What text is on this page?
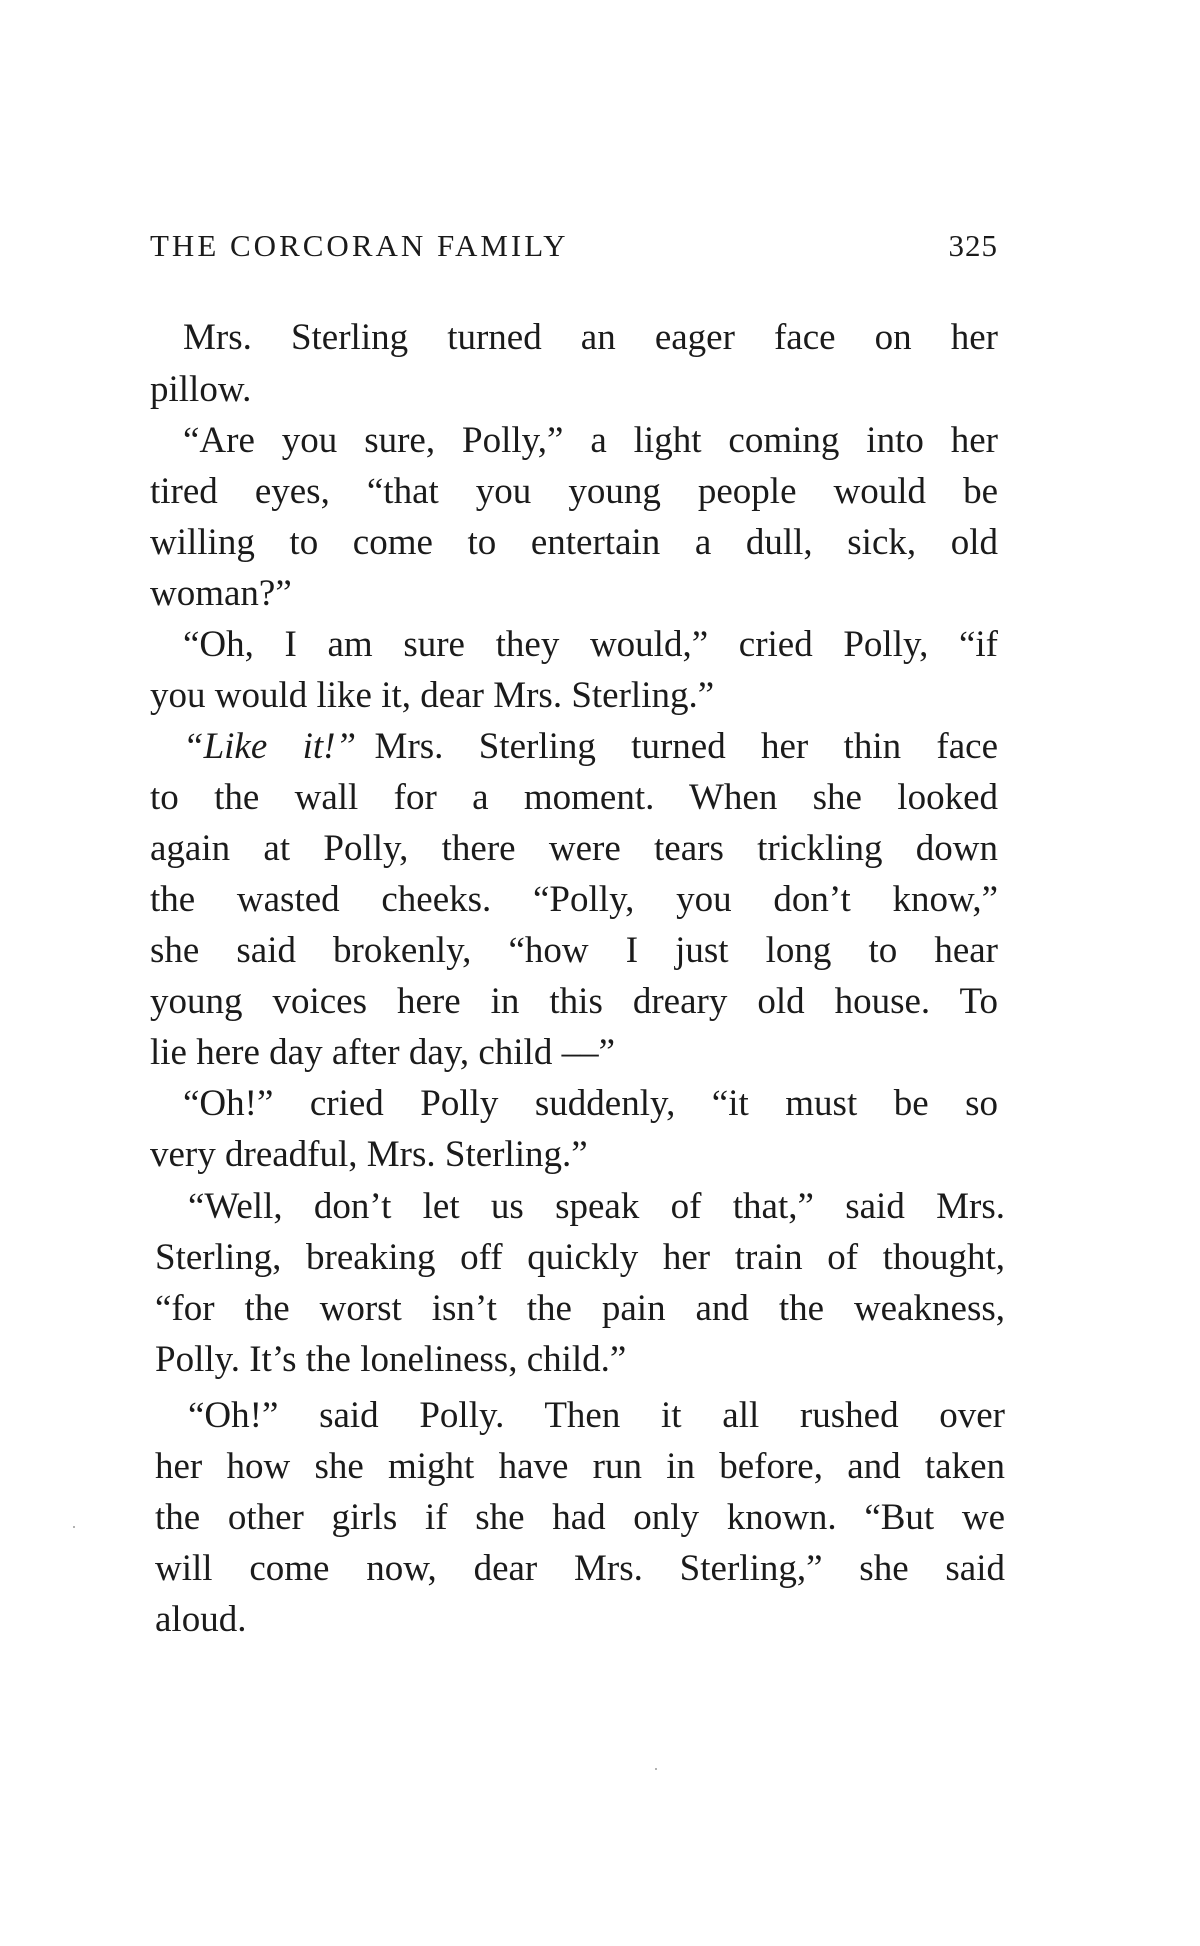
THE CORCORAN FAMILY	325
Mrs. Sterling turned an eager face on her
pillow.
“Are you sure, Polly,” a light coming into her
tired eyes, “that you young people would be
willing to come to entertain a dull, sick, old
woman?”
“Oh, I am sure they would,” cried Polly, “if
you would like it, dear Mrs. Sterling.”
“Like it!”  Mrs. Sterling turned her thin face
to the wall for a moment. When she looked
again at Polly, there were tears trickling down
the wasted cheeks. “Polly, you don’t know,”
she said brokenly, “how I just long to hear
young voices here in this dreary old house. To
lie here day after day, child ––”
“Oh!” cried Polly suddenly, “it must be so
very dreadful, Mrs. Sterling.”
“Well, don’t let us speak of that,” said Mrs.
Sterling, breaking off quickly her train of thought,
“for the worst isn’t the pain and the weakness,
Polly. It’s the loneliness, child.”
“Oh!” said Polly. Then it all rushed over
her how she might have run in before, and taken
the other girls if she had only known. “But we
will come now, dear Mrs. Sterling,” she said
aloud.
